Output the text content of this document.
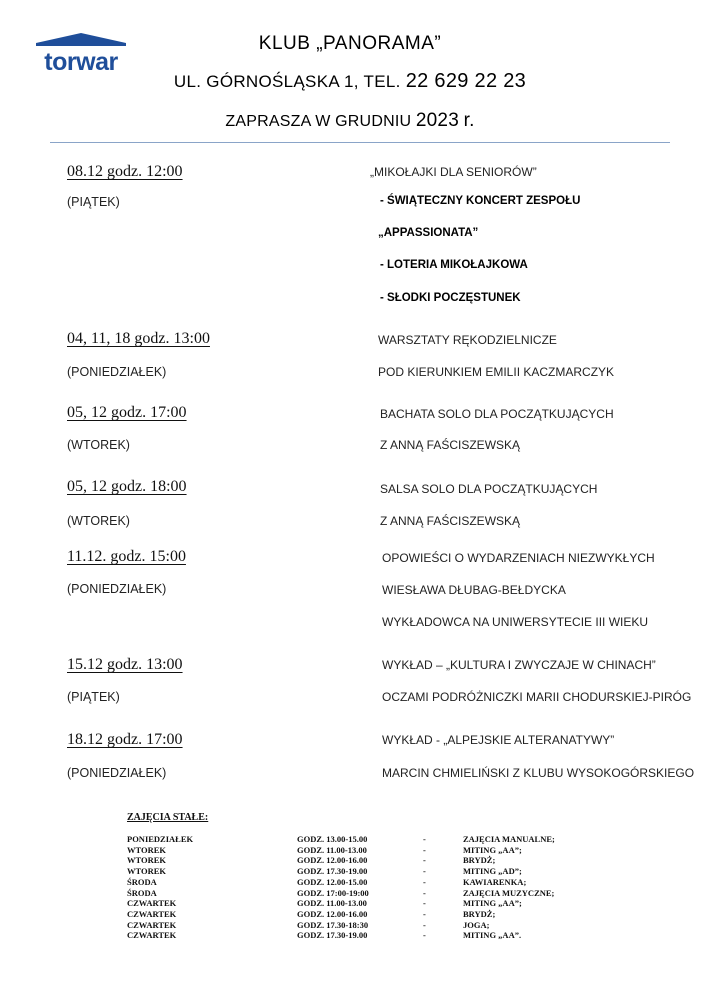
torwar
KLUB „PANORAMA”
UL. GÓRNOŚLĄSKA 1, TEL. 22 629 22 23
ZAPRASZA W GRUDNIU 2023 r.
08.12 godz. 12:00
(PIĄTEK)
„MIKOŁAJKI DLA SENIORÓW”
- ŚWIĄTECZNY KONCERT ZESPOŁU
„APPASSIONATA”
- LOTERIA MIKOŁAJKOWA
- SŁODKI POCZĘSTUNEK
04, 11, 18 godz. 13:00
(PONIEDZIAŁEK)
WARSZTATY RĘKODZIELNICZE
POD KIERUNKIEM EMILII KACZMARCZYK
05, 12 godz. 17:00
(WTOREK)
BACHATA SOLO DLA POCZĄTKUJĄCYCH
Z ANNĄ FAŚCISZEWSKĄ
05, 12 godz. 18:00
(WTOREK)
SALSA SOLO DLA POCZĄTKUJĄCYCH
Z ANNĄ FAŚCISZEWSKĄ
11.12. godz. 15:00
(PONIEDZIAŁEK)
OPOWIEŚCI O WYDARZENIACH NIEZWYKŁYCH
WIESŁAWA DŁUBAG-BEŁDYCKA
WYKŁADOWCA NA UNIWERSYTECIE III WIEKU
15.12 godz. 13:00
(PIĄTEK)
WYKŁAD – „KULTURA I ZWYCZAJE W CHINACH”
OCZAMI PODRÓŻNICZKI MARII CHODURSKIEJ-PIRÓG
18.12 godz. 17:00
(PONIEDZIAŁEK)
WYKŁAD - „ALPEJSKIE ALTERANATYWY”
MARCIN CHMIELIŃSKI Z KLUBU WYSOKOGÓRSKIEGO
ZAJĘCIA STAŁE:
PONIEDZIAŁEK	GODZ. 13.00-15.00	-	ZAJĘCIA MANUALNE;
WTOREK	GODZ. 11.00-13.00	-	MITING „AA”;
WTOREK	GODZ. 12.00-16.00	-	BRYDŻ;
WTOREK	GODZ. 17.30-19.00	-	MITING „AD”;
ŚRODA	GODZ. 12.00-15.00	-	KAWIARENKA;
ŚRODA	GODZ. 17:00-19:00	-	ZAJĘCIA MUZYCZNE;
CZWARTEK	GODZ. 11.00-13.00	-	MITING „AA”;
CZWARTEK	GODZ. 12.00-16.00	-	BRYDŻ;
CZWARTEK	GODZ. 17.30-18:30	-	JOGA;
CZWARTEK	GODZ. 17.30-19.00	-	MITING „AA”.
